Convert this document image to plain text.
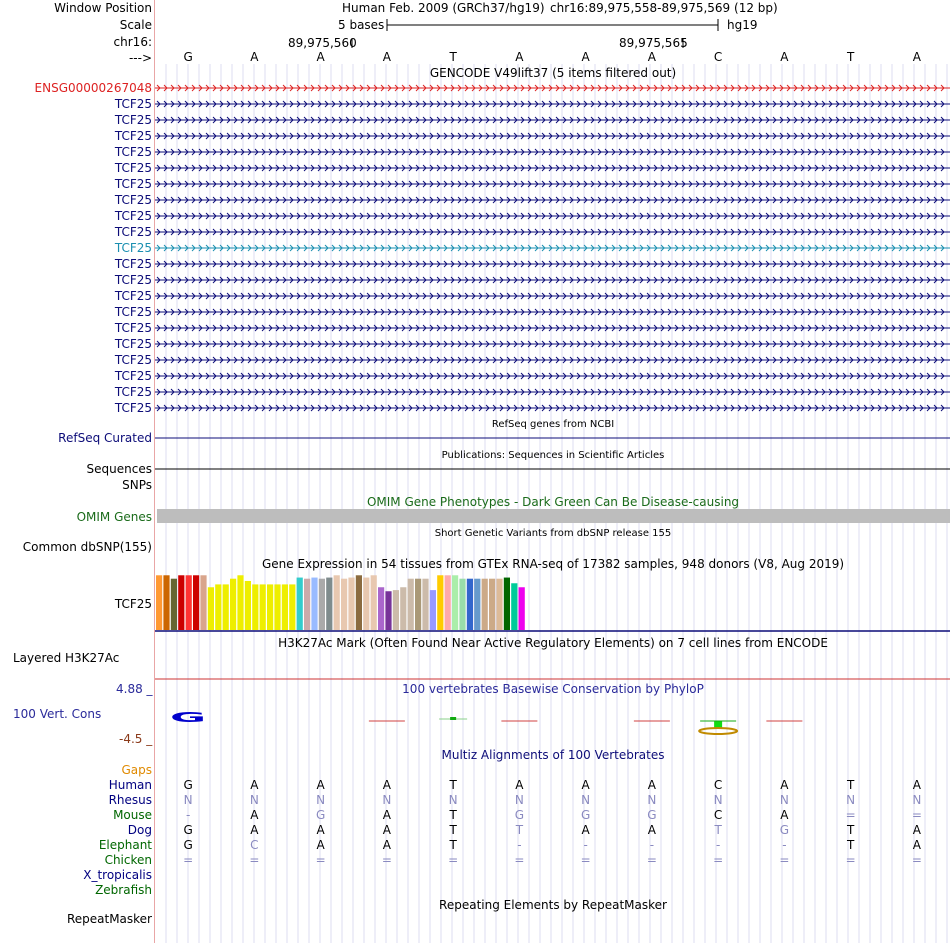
Window Position
Scale
chr16:
--->
Human Feb. 2009 (GRCh37/hg19) chr16:89,975,558-89,975,569 (12 bp)
5 bases	hg19
89,975,560	89,975,565
G	A	A	A	T	A	A	A	C	A	T	A
GENCODE V49lift37 (5 items filtered out)
ENSG00000267048
TCF25
TCF25
TCF25
TCF25
TCF25
TCF25
TCF25
TCF25
TCF25
TCF25
TCF25
TCF25
TCF25
TCF25
TCF25
TCF25
TCF25
TCF25
TCF25
TCF25
RefSeq genes from NCBI
RefSeq Curated
Publications: Sequences in Scientific Articles
Sequences
SNPs
OMIM Gene Phenotypes - Dark Green Can Be Disease-causing
OMIM Genes
Short Genetic Variants from dbSNP release 155
Common dbSNP(155)
Gene Expression in 54 tissues from GTEx RNA-seq of 17382 samples, 948 donors (V8, Aug 2019)
TCF25
H3K27Ac Mark (Often Found Near Active Regulatory Elements) on 7 cell lines from ENCODE
Layered H3K27Ac
100 vertebrates Basewise Conservation by PhyloP
4.88 _
100 Vert. Cons
-4.5 _
Multiz Alignments of 100 Vertebrates
Gaps
Human	G	A	A	A	T	A	A	A	C	A	T	A
Rhesus	N	N	N	N	N	N	N	N	N	N	N	N
Mouse	-	A	G	A	T	G	G	G	C	A	=	=
Dog	G	A	A	A	T	T	A	A	T	G	T	A
Elephant	G	C	A	A	T	-	-	-	-	-	T	A
Chicken	=	=	=	=	=	=	=	=	=	=	=	=
X_tropicalis
Zebrafish
Repeating Elements by RepeatMasker
RepeatMasker
G
